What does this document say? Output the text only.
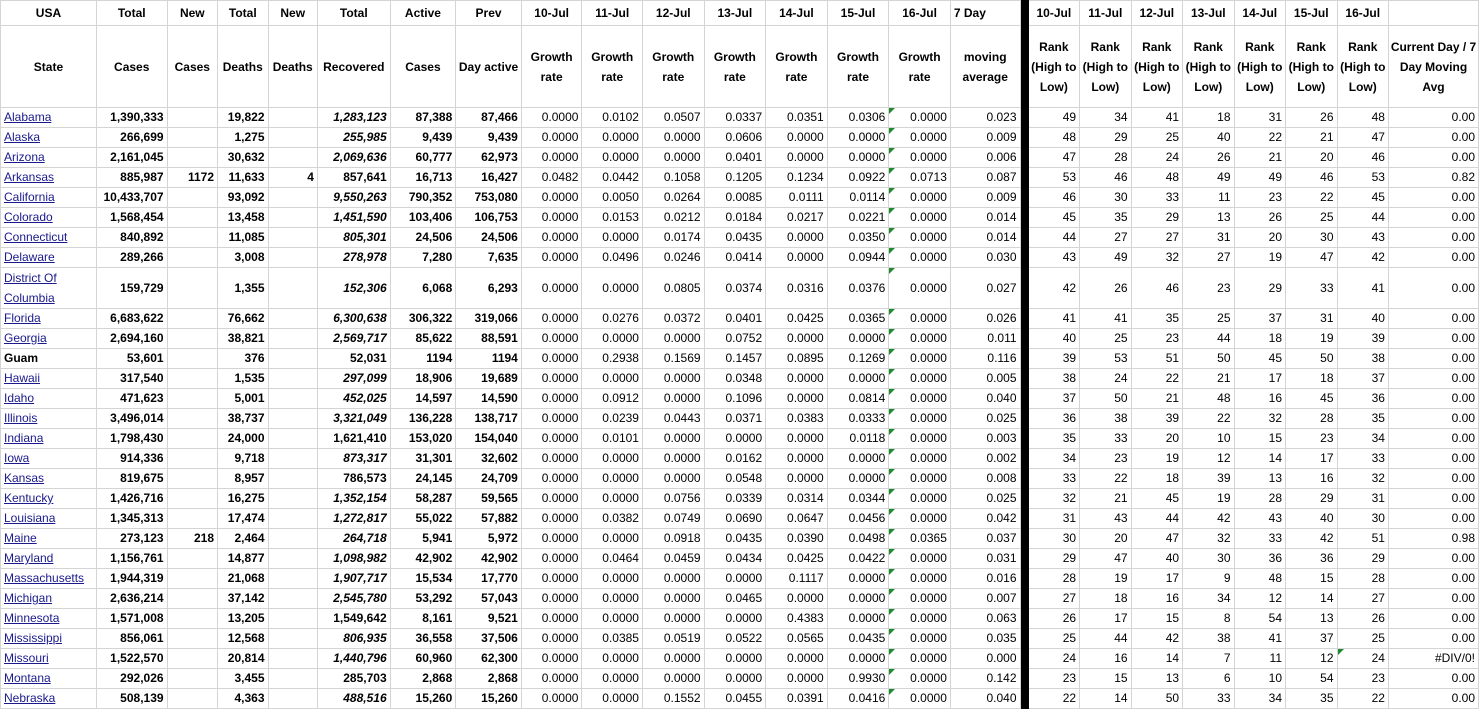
USA	Total	New	Total	New	Total	Active	Prev	10-Jul	11-Jul	12-Jul	13-Jul	14-Jul	15-Jul	16-Jul	7 Day		10-Jul	11-Jul	12-Jul	13-Jul	14-Jul	15-Jul	16-Jul	
State	Cases	Cases	Deaths	Deaths	Recovered	Cases	Day active	Growth rate	Growth rate	Growth rate	Growth rate	Growth rate	Growth rate	Growth rate	moving average		Rank (High to Low)	Rank (High to Low)	Rank (High to Low)	Rank (High to Low)	Rank (High to Low)	Rank (High to Low)	Rank (High to Low)	Current Day / 7 Day Moving Avg
Alabama	1,390,333		19,822		1,283,123	87,388	87,466	0.0000	0.0102	0.0507	0.0337	0.0351	0.0306	0.0000	0.023		49	34	41	18	31	26	48	0.00
Alaska	266,699		1,275		255,985	9,439	9,439	0.0000	0.0000	0.0000	0.0606	0.0000	0.0000	0.0000	0.009		48	29	25	40	22	21	47	0.00
Arizona	2,161,045		30,632		2,069,636	60,777	62,973	0.0000	0.0000	0.0000	0.0401	0.0000	0.0000	0.0000	0.006		47	28	24	26	21	20	46	0.00
Arkansas	885,987	1172	11,633	4	857,641	16,713	16,427	0.0482	0.0442	0.1058	0.1205	0.1234	0.0922	0.0713	0.087		53	46	48	49	49	46	53	0.82
California	10,433,707		93,092		9,550,263	790,352	753,080	0.0000	0.0050	0.0264	0.0085	0.0111	0.0114	0.0000	0.009		46	30	33	11	23	22	45	0.00
Colorado	1,568,454		13,458		1,451,590	103,406	106,753	0.0000	0.0153	0.0212	0.0184	0.0217	0.0221	0.0000	0.014		45	35	29	13	26	25	44	0.00
Connecticut	840,892		11,085		805,301	24,506	24,506	0.0000	0.0000	0.0174	0.0435	0.0000	0.0350	0.0000	0.014		44	27	27	31	20	30	43	0.00
Delaware	289,266		3,008		278,978	7,280	7,635	0.0000	0.0496	0.0246	0.0414	0.0000	0.0944	0.0000	0.030		43	49	32	27	19	47	42	0.00
District Of Columbia	159,729		1,355		152,306	6,068	6,293	0.0000	0.0000	0.0805	0.0374	0.0316	0.0376	0.0000	0.027		42	26	46	23	29	33	41	0.00
Florida	6,683,622		76,662		6,300,638	306,322	319,066	0.0000	0.0276	0.0372	0.0401	0.0425	0.0365	0.0000	0.026		41	41	35	25	37	31	40	0.00
Georgia	2,694,160		38,821		2,569,717	85,622	88,591	0.0000	0.0000	0.0000	0.0752	0.0000	0.0000	0.0000	0.011		40	25	23	44	18	19	39	0.00
Guam	53,601		376		52,031	1194	1194	0.0000	0.2938	0.1569	0.1457	0.0895	0.1269	0.0000	0.116		39	53	51	50	45	50	38	0.00
Hawaii	317,540		1,535		297,099	18,906	19,689	0.0000	0.0000	0.0000	0.0348	0.0000	0.0000	0.0000	0.005		38	24	22	21	17	18	37	0.00
Idaho	471,623		5,001		452,025	14,597	14,590	0.0000	0.0912	0.0000	0.1096	0.0000	0.0814	0.0000	0.040		37	50	21	48	16	45	36	0.00
Illinois	3,496,014		38,737		3,321,049	136,228	138,717	0.0000	0.0239	0.0443	0.0371	0.0383	0.0333	0.0000	0.025		36	38	39	22	32	28	35	0.00
Indiana	1,798,430		24,000		1,621,410	153,020	154,040	0.0000	0.0101	0.0000	0.0000	0.0000	0.0118	0.0000	0.003		35	33	20	10	15	23	34	0.00
Iowa	914,336		9,718		873,317	31,301	32,602	0.0000	0.0000	0.0000	0.0162	0.0000	0.0000	0.0000	0.002		34	23	19	12	14	17	33	0.00
Kansas	819,675		8,957		786,573	24,145	24,709	0.0000	0.0000	0.0000	0.0548	0.0000	0.0000	0.0000	0.008		33	22	18	39	13	16	32	0.00
Kentucky	1,426,716		16,275		1,352,154	58,287	59,565	0.0000	0.0000	0.0756	0.0339	0.0314	0.0344	0.0000	0.025		32	21	45	19	28	29	31	0.00
Louisiana	1,345,313		17,474		1,272,817	55,022	57,882	0.0000	0.0382	0.0749	0.0690	0.0647	0.0456	0.0000	0.042		31	43	44	42	43	40	30	0.00
Maine	273,123	218	2,464		264,718	5,941	5,972	0.0000	0.0000	0.0918	0.0435	0.0390	0.0498	0.0365	0.037		30	20	47	32	33	42	51	0.98
Maryland	1,156,761		14,877		1,098,982	42,902	42,902	0.0000	0.0464	0.0459	0.0434	0.0425	0.0422	0.0000	0.031		29	47	40	30	36	36	29	0.00
Massachusetts	1,944,319		21,068		1,907,717	15,534	17,770	0.0000	0.0000	0.0000	0.0000	0.1117	0.0000	0.0000	0.016		28	19	17	9	48	15	28	0.00
Michigan	2,636,214		37,142		2,545,780	53,292	57,043	0.0000	0.0000	0.0000	0.0465	0.0000	0.0000	0.0000	0.007		27	18	16	34	12	14	27	0.00
Minnesota	1,571,008		13,205		1,549,642	8,161	9,521	0.0000	0.0000	0.0000	0.0000	0.4383	0.0000	0.0000	0.063		26	17	15	8	54	13	26	0.00
Mississippi	856,061		12,568		806,935	36,558	37,506	0.0000	0.0385	0.0519	0.0522	0.0565	0.0435	0.0000	0.035		25	44	42	38	41	37	25	0.00
Missouri	1,522,570		20,814		1,440,796	60,960	62,300	0.0000	0.0000	0.0000	0.0000	0.0000	0.0000	0.0000	0.000		24	16	14	7	11	12	24	#DIV/0!
Montana	292,026		3,455		285,703	2,868	2,868	0.0000	0.0000	0.0000	0.0000	0.0000	0.9930	0.0000	0.142		23	15	13	6	10	54	23	0.00
Nebraska	508,139		4,363		488,516	15,260	15,260	0.0000	0.0000	0.1552	0.0455	0.0391	0.0416	0.0000	0.040		22	14	50	33	34	35	22	0.00
